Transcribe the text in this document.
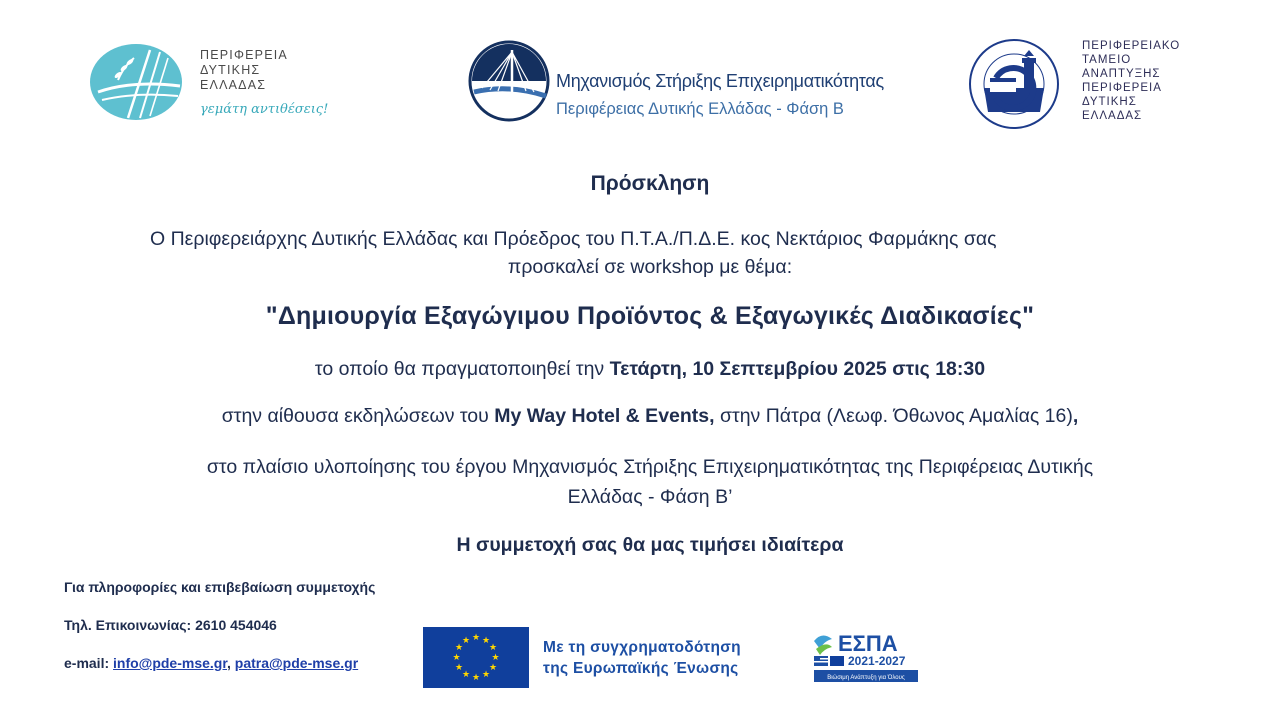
ΠΕΡΙΦΕΡΕΙΑ
ΔΥΤΙΚΗΣ
ΕΛΛΑΔΑΣ
γεμάτη αντιθέσεις!
Μηχανισμός Στήριξης Επιχειρηματικότητας
Περιφέρειας Δυτικής Ελλάδας - Φάση Β
ΠΕΡΙΦΕΡΕΙΑΚΟ
ΤΑΜΕΙΟ
ΑΝΑΠΤΥΞΗΣ
ΠΕΡΙΦΕΡΕΙΑ
ΔΥΤΙΚΗΣ
ΕΛΛΑΔΑΣ
Πρόσκληση
Ο Περιφερειάρχης Δυτικής Ελλάδας και Πρόεδρος του Π.Τ.Α./Π.Δ.Ε. κος Νεκτάριος Φαρμάκης σας
προσκαλεί σε workshop με θέμα:
"Δημιουργία Εξαγώγιμου Προϊόντος & Εξαγωγικές Διαδικασίες"
το οποίο θα πραγματοποιηθεί την Τετάρτη, 10 Σεπτεμβρίου 2025 στις 18:30
στην αίθουσα εκδηλώσεων του My Way Hotel & Events, στην Πάτρα (Λεωφ. Όθωνος Αμαλίας 16),
στο πλαίσιο υλοποίησης του έργου Μηχανισμός Στήριξης Επιχειρηματικότητας της Περιφέρειας Δυτικής
Ελλάδας - Φάση Β’
Η συμμετοχή σας θα μας τιμήσει ιδιαίτερα
Για πληροφορίες και επιβεβαίωση συμμετοχής
Τηλ. Επικοινωνίας: 2610 454046
e-mail: info@pde-mse.gr, patra@pde-mse.gr
★ ★
★
★
★
★
★
★
★
★
★
★	Με τη συγχρηματοδότηση
της Ευρωπαϊκής Ένωσης
ΕΣΠΑ
2021-2027
Βιώσιμη Ανάπτυξη για Όλους
